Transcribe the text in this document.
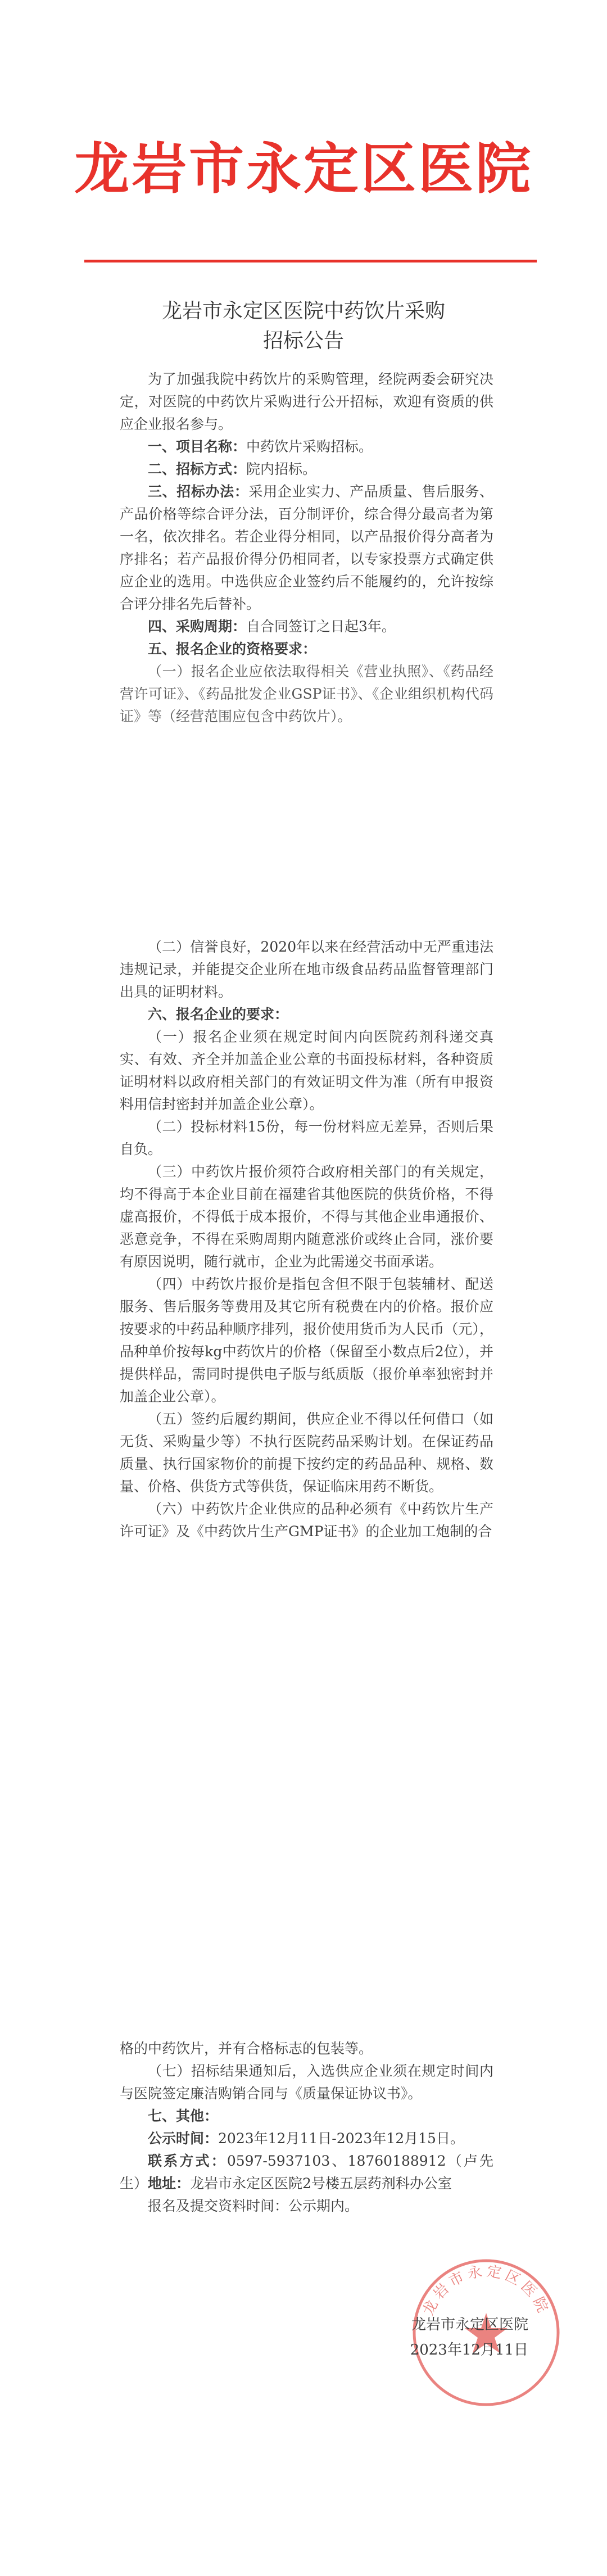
龙岩市永定区医院
龙岩市永定区医院中药饮片采购
招标公告
为了加强我院中药饮片的采购管理，经院两委会研究决定，对医院的中药饮片采购进行公开招标，欢迎有资质的供应企业报名参与。
一、项目名称：中药饮片采购招标。
二、招标方式：院内招标。
三、招标办法：采用企业实力、产品质量、售后服务、产品价格等综合评分法，百分制评价，综合得分最高者为第一名，依次排名。若企业得分相同，以产品报价得分高者为序排名；若产品报价得分仍相同者，以专家投票方式确定供应企业的选用。中选供应企业签约后不能履约的，允许按综合评分排名先后替补。
四、采购周期：自合同签订之日起3年。
五、报名企业的资格要求：
（一）报名企业应依法取得相关《营业执照》、《药品经营许可证》、《药品批发企业GSP证书》、《企业组织机构代码证》等（经营范围应包含中药饮片）。
（二）信誉良好，2020年以来在经营活动中无严重违法违规记录，并能提交企业所在地市级食品药品监督管理部门出具的证明材料。
六、报名企业的要求：
（一）报名企业须在规定时间内向医院药剂科递交真实、有效、齐全并加盖企业公章的书面投标材料，各种资质证明材料以政府相关部门的有效证明文件为准（所有申报资料用信封密封并加盖企业公章）。
（二）投标材料15份，每一份材料应无差异，否则后果自负。
（三）中药饮片报价须符合政府相关部门的有关规定，均不得高于本企业目前在福建省其他医院的供货价格，不得虚高报价，不得低于成本报价，不得与其他企业串通报价、恶意竞争，不得在采购周期内随意涨价或终止合同，涨价要有原因说明，随行就市，企业为此需递交书面承诺。
（四）中药饮片报价是指包含但不限于包装辅材、配送服务、售后服务等费用及其它所有税费在内的价格。报价应按要求的中药品种顺序排列，报价使用货币为人民币（元），品种单价按每kg中药饮片的价格（保留至小数点后2位），并提供样品，需同时提供电子版与纸质版（报价单率独密封并加盖企业公章）。
（五）签约后履约期间，供应企业不得以任何借口（如无货、采购量少等）不执行医院药品采购计划。在保证药品质量、执行国家物价的前提下按约定的药品品种、规格、数量、价格、供货方式等供货，保证临床用药不断货。
（六）中药饮片企业供应的品种必须有《中药饮片生产许可证》及《中药饮片生产GMP证书》的企业加工炮制的合
格的中药饮片，并有合格标志的包装等。
（七）招标结果通知后，入选供应企业须在规定时间内与医院签定廉洁购销合同与《质量保证协议书》。
七、其他：
公示时间：2023年12月11日-2023年12月15日。
联系方式：0597-5937103、18760188912（卢先生） 地址：龙岩市永定区医院2号楼五层药剂科办公室
报名及提交资料时间：公示期内。
龙岩市永定区医院
龙岩市永定区医院
2023年12月11日
